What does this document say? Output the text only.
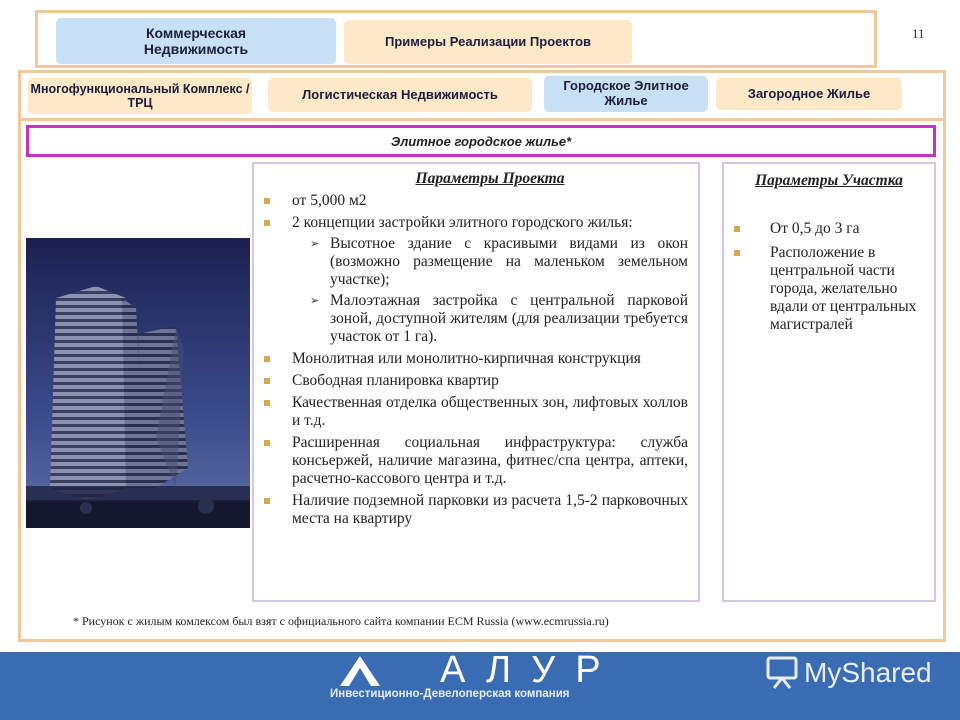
Коммерческая
Недвижимость	Примеры Реализации Проектов
11
Многофункциональный Комплекс / ТРЦ
Логистическая Недвижимость
Городское Элитное Жилье	Загородное Жилье
Элитное городское жилье*
Параметры Проекта
от 5,000 м2
2 концепции застройки элитного городского жилья:
➢ Высотное здание с красивыми видами из окон (возможно размещение на маленьком земельном участке);
➢ Малоэтажная застройка с центральной парковой зоной, доступной жителям (для реализации требуется участок от 1 га).
Монолитная или монолитно-кирпичная конструкция
Свободная планировка квартир
Качественная отделка общественных зон, лифтовых холлов и т.д.
Расширенная социальная инфраструктура: служба консьержей, наличие магазина, фитнес/спа центра, аптеки, расчетно-кассового центра и т.д.
Наличие подземной парковки из расчета 1,5-2 парковочных места на квартиру
Параметры Участка
От 0,5 до 3 га
Расположение в центральной части города, желательно вдали от центральных магистралей
* Рисунок с жилым комлексом был взят с официального сайта компании ECM Russia (www.ecmrussia.ru)
АЛУР
Инвестиционно-Девелоперская компания
MyShared
